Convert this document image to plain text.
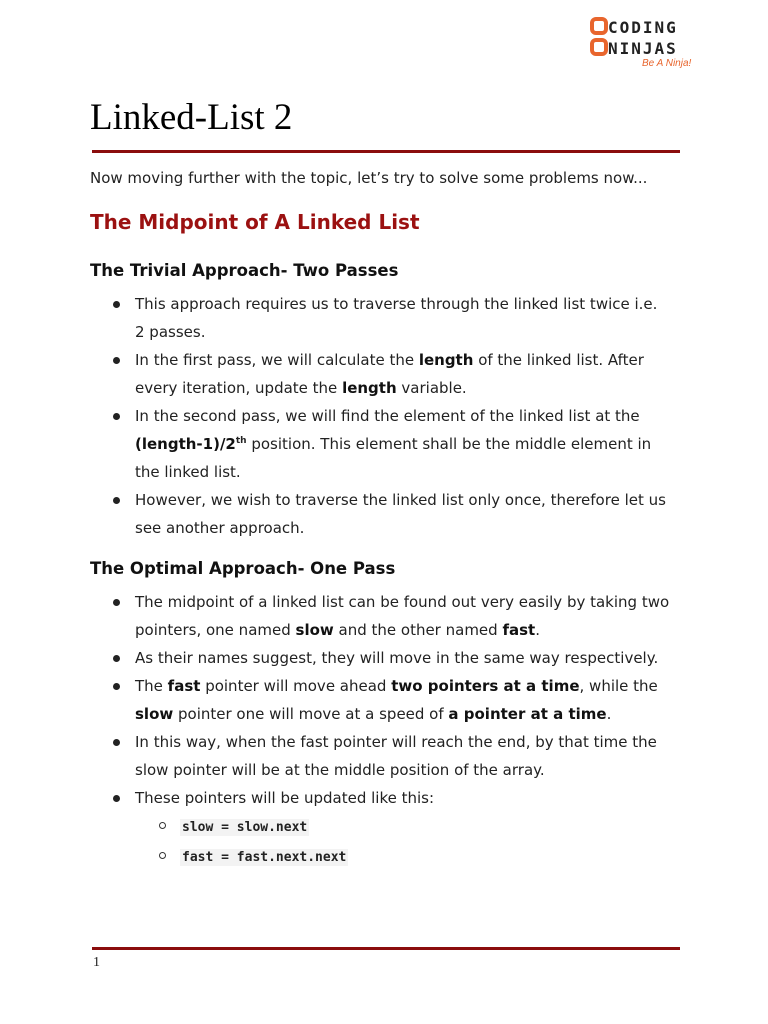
CODING
NINJAS
Be A Ninja!
Linked-List 2

Now moving further with the topic, let’s try to solve some problems now...

The Midpoint of A Linked List
The Trivial Approach- Two Passes
This approach requires us to traverse through the linked list twice i.e. 2 passes.
In the first pass, we will calculate the length of the linked list. After every iteration, update the length variable.
In the second pass, we will find the element of the linked list at the (length-1)/2th position. This element shall be the middle element in the linked list.
However, we wish to traverse the linked list only once, therefore let us see another approach.
The Optimal Approach- One Pass
The midpoint of a linked list can be found out very easily by taking two pointers, one named slow and the other named fast.
As their names suggest, they will move in the same way respectively.
The fast pointer will move ahead two pointers at a time, while the slow pointer one will move at a speed of a pointer at a time.
In this way, when the fast pointer will reach the end, by that time the slow pointer will be at the middle position of the array.
These pointers will be updated like this:
slow = slow.next
fast = fast.next.next
1
